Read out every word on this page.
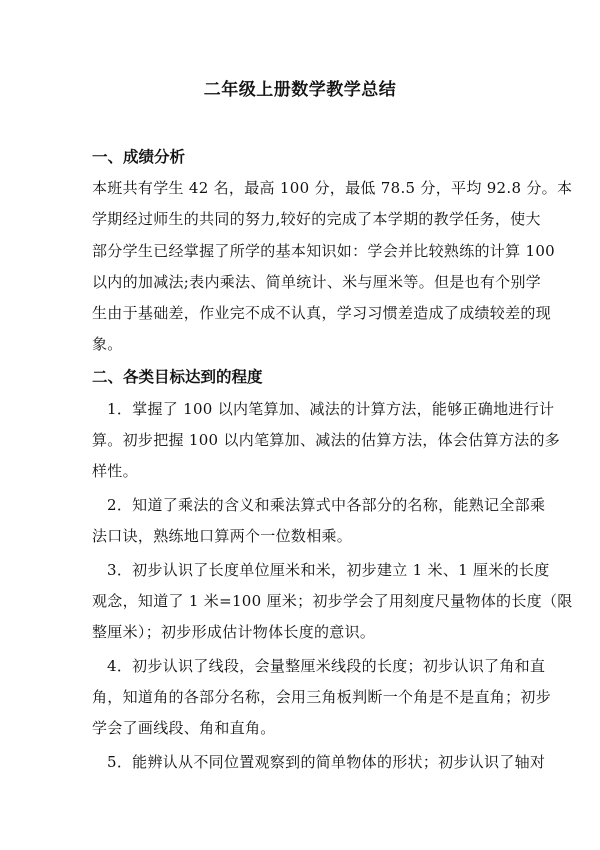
二年级上册数学教学总结
一、成绩分析
本班共有学生 42 名，最高 100 分，最低 78.5 分，平均 92.8 分。本
学期经过师生的共同的努力,较好的完成了本学期的教学任务，使大
部分学生已经掌握了所学的基本知识如：学会并比较熟练的计算 100
以内的加减法;表内乘法、简单统计、米与厘米等。但是也有个别学
生由于基础差，作业完不成不认真，学习习惯差造成了成绩较差的现
象。
二、各类目标达到的程度
1．掌握了 100 以内笔算加、减法的计算方法，能够正确地进行计
算。初步把握 100 以内笔算加、减法的估算方法，体会估算方法的多
样性。
2．知道了乘法的含义和乘法算式中各部分的名称，能熟记全部乘
法口诀，熟练地口算两个一位数相乘。
3．初步认识了长度单位厘米和米，初步建立 1 米、1 厘米的长度
观念，知道了 1 米=100 厘米；初步学会了用刻度尺量物体的长度（限
整厘米）；初步形成估计物体长度的意识。
4．初步认识了线段，会量整厘米线段的长度；初步认识了角和直
角，知道角的各部分名称，会用三角板判断一个角是不是直角；初步
学会了画线段、角和直角。
5．能辨认从不同位置观察到的简单物体的形状；初步认识了轴对
